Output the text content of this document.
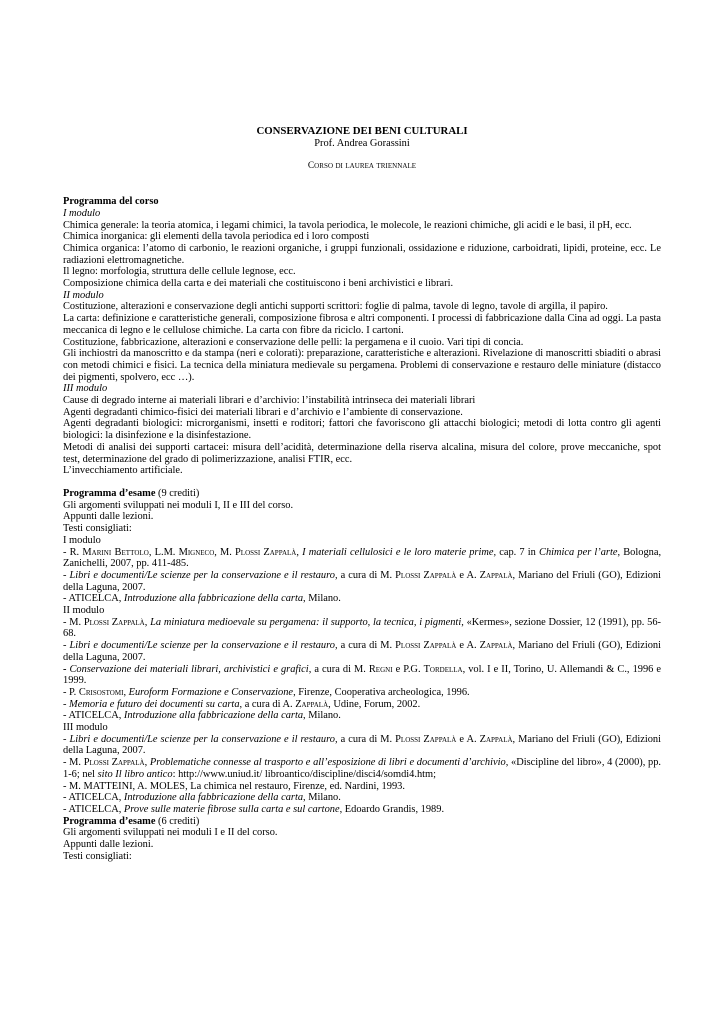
CONSERVAZIONE DEI BENI CULTURALI
Prof. Andrea Gorassini
Corso di laurea triennale

Programma del corso

I modulo

Chimica generale: la teoria atomica, i legami chimici, la tavola periodica, le molecole, le reazioni chimiche, gli acidi e le basi, il pH, ecc.

Chimica inorganica: gli elementi della tavola periodica ed i loro composti

Chimica organica: l’atomo di carbonio, le reazioni organiche, i gruppi funzionali, ossidazione e riduzione, carboidrati, lipidi, proteine, ecc. Le radiazioni elettromagnetiche.

Il legno: morfologia, struttura delle cellule legnose, ecc.

Composizione chimica della carta e dei materiali che costituiscono i beni archivistici e librari.

II modulo

Costituzione, alterazioni e conservazione degli antichi supporti scrittori: foglie di palma, tavole di legno, tavole di argilla, il papiro.

La carta: definizione e caratteristiche generali, composizione fibrosa e altri componenti. I processi di fabbricazione dalla Cina ad oggi. La pasta meccanica di legno e le cellulose chimiche. La carta con fibre da riciclo. I cartoni.

Costituzione, fabbricazione, alterazioni e conservazione delle pelli: la pergamena e il cuoio. Vari tipi di concia.

Gli inchiostri da manoscritto e da stampa (neri e colorati): preparazione, caratteristiche e alterazioni. Rivelazione di manoscritti sbiaditi o abrasi con metodi chimici e fisici. La tecnica della miniatura medievale su pergamena. Problemi di conservazione e restauro delle miniature (distacco dei pigmenti, spolvero, ecc …).

III modulo

Cause di degrado interne ai materiali librari e d’archivio: l’instabilità intrinseca dei materiali librari

Agenti degradanti chimico-fisici dei materiali librari e d’archivio e l’ambiente di conservazione.

Agenti degradanti biologici: microrganismi, insetti e roditori; fattori che favoriscono gli attacchi biologici; metodi di lotta contro gli agenti biologici: la disinfezione e la disinfestazione.

Metodi di analisi dei supporti cartacei: misura dell’acidità, determinazione della riserva alcalina, misura del colore, prove meccaniche, spot test, determinazione del grado di polimerizzazione, analisi FTIR, ecc.

L’invecchiamento artificiale.

Programma d’esame (9 crediti)

Gli argomenti sviluppati nei moduli I, II e III del corso.

Appunti dalle lezioni.

Testi consigliati:

I modulo

- R. Marini Bettolo, L.M. Migneco, M. Plossi Zappalà, I materiali cellulosici e le loro materie prime, cap. 7 in Chimica per l’arte, Bologna, Zanichelli, 2007, pp. 411-485.

- Libri e documenti/Le scienze per la conservazione e il restauro, a cura di M. Plossi Zappalà e A. Zappalà, Mariano del Friuli (GO), Edizioni della Laguna, 2007.

- ATICELCA, Introduzione alla fabbricazione della carta, Milano.

II modulo

- M. Plossi Zappalà, La miniatura medioevale su pergamena: il supporto, la tecnica, i pigmenti, «Kermes», sezione Dossier, 12 (1991), pp. 56-68.

- Libri e documenti/Le scienze per la conservazione e il restauro, a cura di M. Plossi Zappalà e A. Zappalà, Mariano del Friuli (GO), Edizioni della Laguna, 2007.

- Conservazione dei materiali librari, archivistici e grafici, a cura di M. Regni e P.G. Tordella, vol. I e II, Torino, U. Allemandi & C., 1996 e 1999.

- P. Crisostomi, Euroform Formazione e Conservazione, Firenze, Cooperativa archeologica, 1996.

- Memoria e futuro dei documenti su carta, a cura di A. Zappalà, Udine, Forum, 2002.

- ATICELCA, Introduzione alla fabbricazione della carta, Milano.

III modulo

- Libri e documenti/Le scienze per la conservazione e il restauro, a cura di M. Plossi Zappalà e A. Zappalà, Mariano del Friuli (GO), Edizioni della Laguna, 2007.

- M. Plossi Zappalà, Problematiche connesse al trasporto e all’esposizione di libri e documenti d’archivio, «Discipline del libro», 4 (2000), pp. 1-6; nel sito Il libro antico: http://www.uniud.it/ libroantico/discipline/disci4/somdi4.htm;

- M. MATTEINI, A. MOLES, La chimica nel restauro, Firenze, ed. Nardini, 1993.

- ATICELCA, Introduzione alla fabbricazione della carta, Milano.

- ATICELCA, Prove sulle materie fibrose sulla carta e sul cartone, Edoardo Grandis, 1989.

Programma d’esame (6 crediti)

Gli argomenti sviluppati nei moduli I e II del corso.

Appunti dalle lezioni.

Testi consigliati:
